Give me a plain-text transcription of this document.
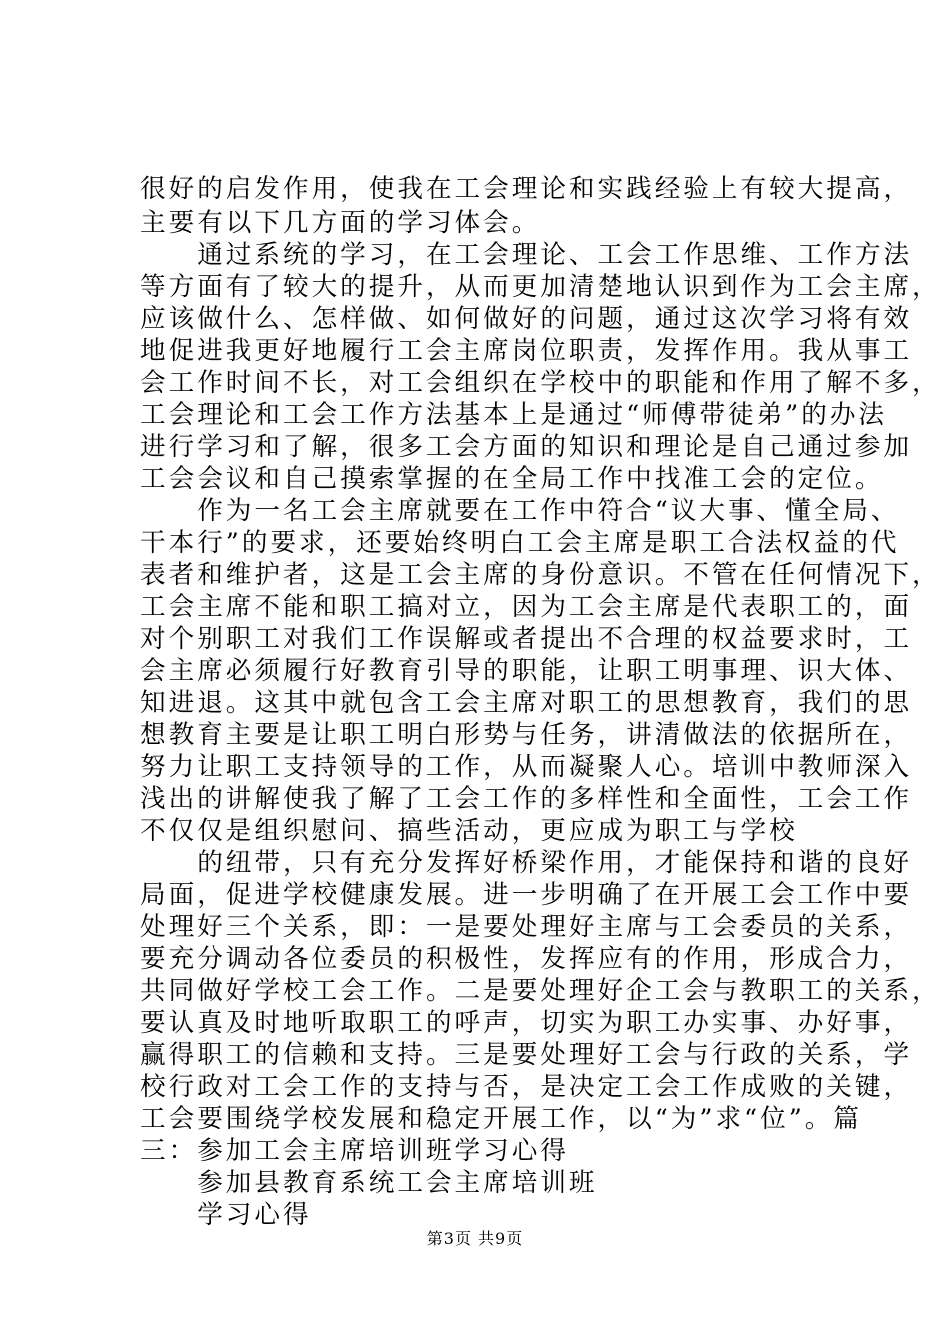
很好的启发作用，使我在工会理论和实践经验上有较大提高，
主要有以下几方面的学习体会。
　　通过系统的学习，在工会理论、工会工作思维、工作方法
等方面有了较大的提升，从而更加清楚地认识到作为工会主席，
应该做什么、怎样做、如何做好的问题，通过这次学习将有效
地促进我更好地履行工会主席岗位职责，发挥作用。我从事工
会工作时间不长，对工会组织在学校中的职能和作用了解不多，
工会理论和工会工作方法基本上是通过“师傅带徒弟”的办法
进行学习和了解，很多工会方面的知识和理论是自己通过参加
工会会议和自己摸索掌握的在全局工作中找准工会的定位。
　　作为一名工会主席就要在工作中符合“议大事、懂全局、
干本行”的要求，还要始终明白工会主席是职工合法权益的代
表者和维护者，这是工会主席的身份意识。不管在任何情况下，
工会主席不能和职工搞对立，因为工会主席是代表职工的，面
对个别职工对我们工作误解或者提出不合理的权益要求时，工
会主席必须履行好教育引导的职能，让职工明事理、识大体、
知进退。这其中就包含工会主席对职工的思想教育，我们的思
想教育主要是让职工明白形势与任务，讲清做法的依据所在，
努力让职工支持领导的工作，从而凝聚人心。培训中教师深入
浅出的讲解使我了解了工会工作的多样性和全面性，工会工作
不仅仅是组织慰问、搞些活动，更应成为职工与学校
　　的纽带，只有充分发挥好桥梁作用，才能保持和谐的良好
局面，促进学校健康发展。进一步明确了在开展工会工作中要
处理好三个关系，即：一是要处理好主席与工会委员的关系，
要充分调动各位委员的积极性，发挥应有的作用，形成合力，
共同做好学校工会工作。二是要处理好企工会与教职工的关系，
要认真及时地听取职工的呼声，切实为职工办实事、办好事，
赢得职工的信赖和支持。三是要处理好工会与行政的关系，学
校行政对工会工作的支持与否，是决定工会工作成败的关键，
工会要围绕学校发展和稳定开展工作，以“为”求“位”。篇
三：参加工会主席培训班学习心得
　　参加县教育系统工会主席培训班
　　学习心得
第3页 共9页
